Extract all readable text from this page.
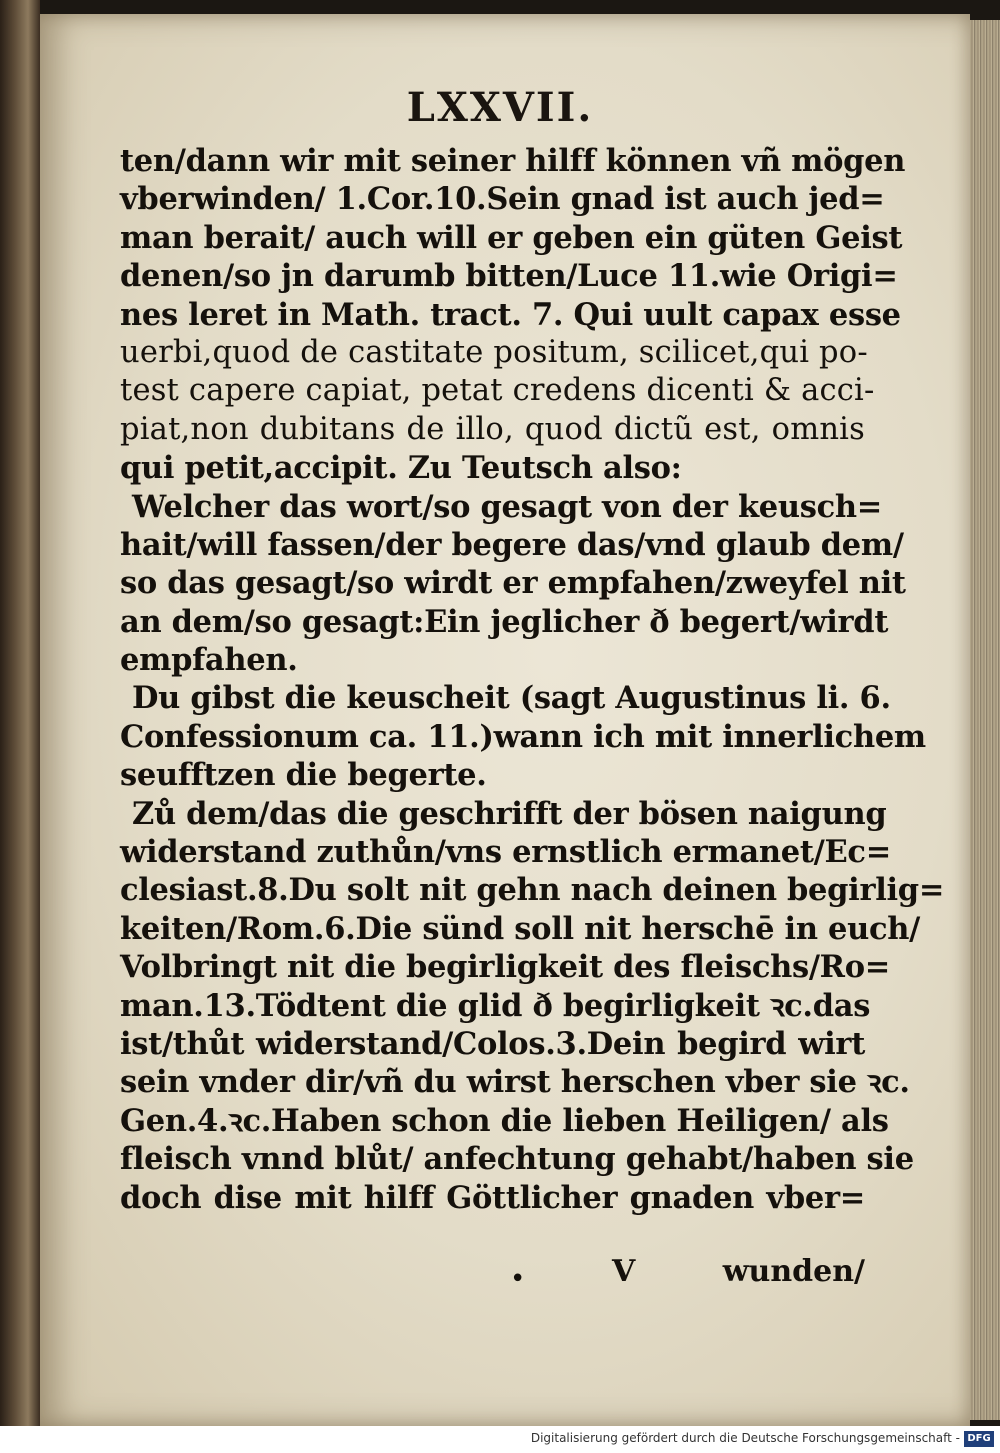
LXXVII.
ten/dann wir mit seiner hilff können vñ mögen
vberwinden/ 1.Cor.10.Sein gnad ist auch jed=
man berait/ auch will er geben ein güten Geist
denen/so jn darumb bitten/Luce 11.wie Origi=
nes leret in Math. tract. 7. Qui uult capax esse
uerbi,quod de castitate positum, scilicet,qui po-
test capere capiat, petat credens dicenti & acci-
piat,non dubitans de illo, quod dictũ est, omnis
qui petit,accipit. Zu Teutsch also:
Welcher das wort/so gesagt von der keusch=
hait/will fassen/der begere das/vnd glaub dem/
so das gesagt/so wirdt er empfahen/zweyfel nit
an dem/so gesagt:Ein jeglicher ð begert/wirdt
empfahen.
Du gibst die keuscheit (sagt Augustinus li. 6.
Confessionum ca. 11.)wann ich mit innerlichem
seufftzen die begerte.
Zů dem/das die geschrifft der bösen naigung
widerstand zuthůn/vns ernstlich ermanet/Ec=
clesiast.8.Du solt nit gehn nach deinen begirlig=
keiten/Rom.6.Die sünd soll nit herschē in euch/
Volbringt nit die begirligkeit des fleischs/Ro=
man.13.Tödtent die glid ð begirligkeit ꝛc.das
ist/thůt widerstand/Colos.3.Dein begird wirt
sein vnder dir/vñ du wirst herschen vber sie ꝛc.
Gen.4.ꝛc.Haben schon die lieben Heiligen/ als
fleisch vnnd blůt/ anfechtung gehabt/haben sie
doch dise mit hilff Göttlicher gnaden vber=
•	V	wunden/
Digitalisierung gefördert durch die Deutsche Forschungsgemeinschaft - DFG
